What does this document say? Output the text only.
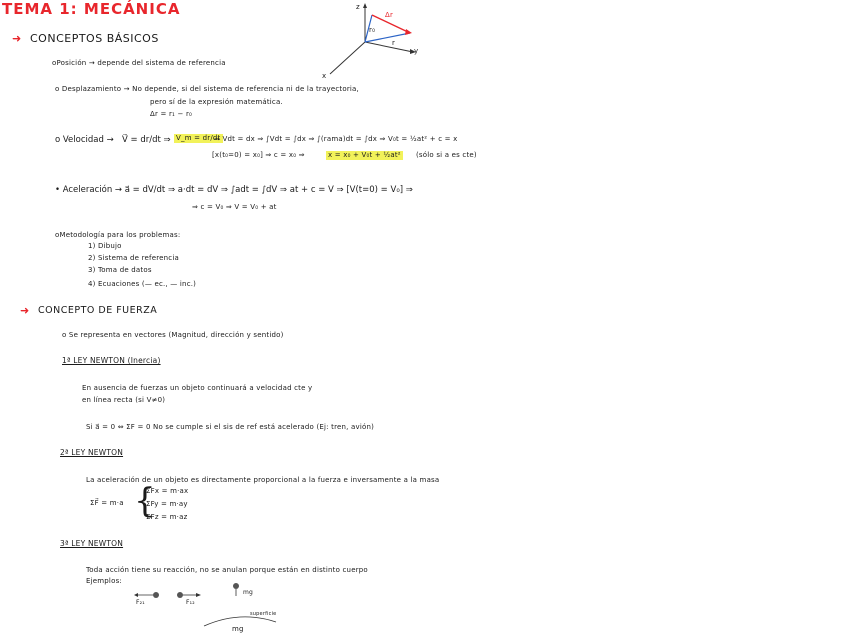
TEMA 1: MECÁNICA	z
y
x
Δr
r₀
r
➜ CONCEPTOS BÁSICOS
oPosición → depende del sistema de referencia
o Desplazamiento → No depende, si del sistema de referencia ni de la trayectoria,
pero sí de la expresión matemática.
Δr = r₁ − r₀
o Velocidad → V⃗ = dr/dt ⇒ V_m = dr/dt
⇒ Vdt = dx ⇒ ∫Vdt = ∫dx ⇒ ∫(rama)dt = ∫dx ⇒ V₀t = ½at² + c = x
[x(t₀=0) = x₀] ⇒ c = x₀ ⇒	x = x₀ + V₀t + ½at² (sólo si a es cte)
• Aceleración → a⃗ = dV/dt ⇒ a·dt = dV ⇒ ∫adt = ∫dV ⇒ at + c = V ⇒ [V(t=0) = V₀] ⇒
⇒ c = V₀ ⇒ V = V₀ + at
oMetodología para los problemas:
1) Dibujo
2) Sistema de referencia
3) Toma de datos
4) Ecuaciones (— ec., — inc.)
➜ CONCEPTO DE FUERZA
o Se representa en vectores (Magnitud, dirección y sentido)
1ª LEY NEWTON (Inercia)
En ausencia de fuerzas un objeto continuará a velocidad cte y
en línea recta (si V≠0)
Si a⃗ = 0 ⇔ ΣF = 0 No se cumple si el sis de ref está acelerado (Ej: tren, avión)
2ª LEY NEWTON
La aceleración de un objeto es directamente proporcional a la fuerza e inversamente a la masa
ΣF⃗ = m·a {
ΣFx = m·ax
ΣFy = m·ay
ΣFz = m·az
3ª LEY NEWTON
Toda acción tiene su reacción, no se anulan porque están en distinto cuerpo
Ejemplos:
F₂₁	F₁₂
mg
superficie
mg
